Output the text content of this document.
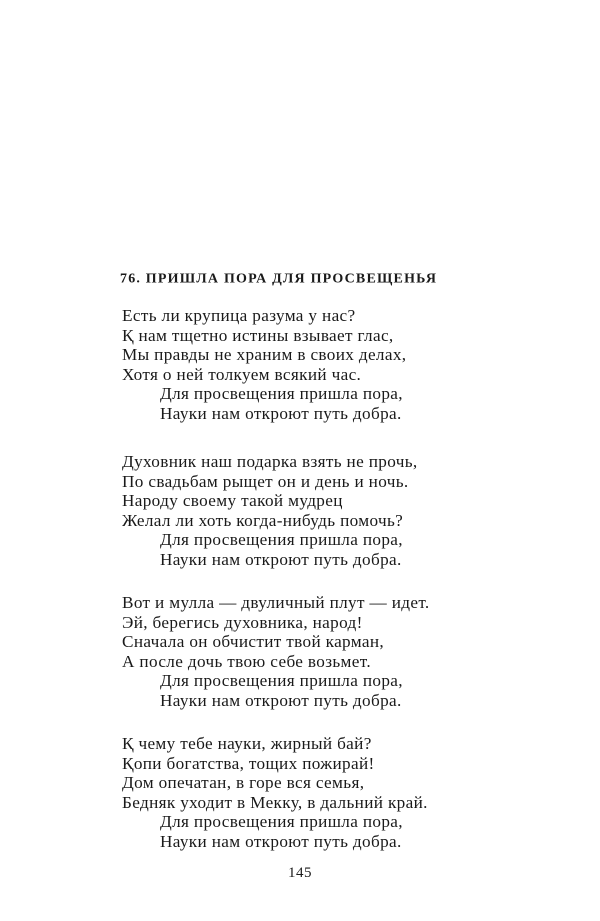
76. ПРИШЛА ПОРА ДЛЯ ПРОСВЕЩЕНЬЯ
Есть ли крупица разума у нас?
Қ нам тщетно истины взывает глас,
Мы правды не храним в своих делах,
Хотя о ней толкуем всякий час.
Для просвещения пришла пора,
Науки нам откроют путь добра.
Духовник наш подарка взять не прочь,
По свадьбам рыщет он и день и ночь.
Народу своему такой мудрец
Желал ли хоть когда-нибудь помочь?
Для просвещения пришла пора,
Науки нам откроют путь добра.
Вот и мулла — двуличный плут — идет.
Эй, берегись духовника, народ!
Сначала он обчистит твой карман,
А после дочь твою себе возьмет.
Для просвещения пришла пора,
Науки нам откроют путь добра.
Қ чему тебе науки, жирный бай?
Қопи богатства, тощих пожирай!
Дом опечатан, в горе вся семья,
Бедняк уходит в Мекку, в дальний край.
Для просвещения пришла пора,
Науки нам откроют путь добра.
145
